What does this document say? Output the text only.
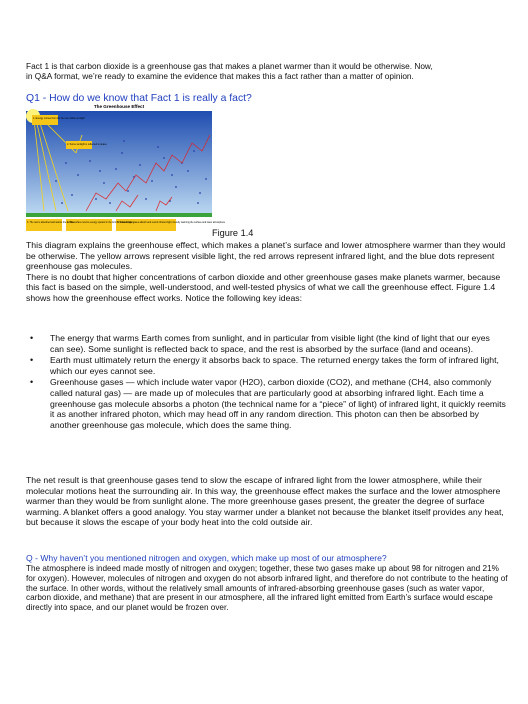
Fact 1 is that carbon dioxide is a greenhouse gas that makes a planet warmer than it would be otherwise. Now,
in Q&A format, we’re ready to examine the evidence that makes this a fact rather than a matter of opinion.
Q1 - How do we know that Fact 1 is really a fact?
The Greenhouse Effect
1. Energy comes from the Sun as visible sunlight
2. Some sunlight is reflected to space
3. The rest is absorbed and warms the surface
4. The surface returns energy upward in the form of infrared light
5. Greenhouse gases absorb and reemit infrared light, thereby warming the surface and lower atmosphere
Figure 1.4

This diagram explains the greenhouse effect, which makes a planet’s surface and lower atmosphere warmer than they would be otherwise. The yellow arrows represent visible light, the red arrows represent infrared light, and the blue dots represent greenhouse gas molecules.

There is no doubt that higher concentrations of carbon dioxide and other greenhouse gases make planets warmer, because this fact is based on the simple, well-understood, and well-tested physics of what we call the greenhouse effect. Figure 1.4 shows how the greenhouse effect works. Notice the following key ideas:

• The energy that warms Earth comes from sunlight, and in particular from visible light (the kind of light that our eyes can see). Some sunlight is reflected back to space, and the rest is absorbed by the surface (land and oceans).
• Earth must ultimately return the energy it absorbs back to space. The returned energy takes the form of infrared light, which our eyes cannot see.
• Greenhouse gases — which include water vapor (H2O), carbon dioxide (CO2), and methane (CH4, also commonly called natural gas) — are made up of molecules that are particularly good at absorbing infrared light. Each time a greenhouse gas molecule absorbs a photon (the technical name for a “piece” of light) of infrared light, it quickly reemits it as another infrared photon, which may head off in any random direction. This photon can then be absorbed by another greenhouse gas molecule, which does the same thing.
The net result is that greenhouse gases tend to slow the escape of infrared light from the lower atmosphere, while their molecular motions heat the surrounding air. In this way, the greenhouse effect makes the surface and the lower atmosphere warmer than they would be from sunlight alone. The more greenhouse gases present, the greater the degree of surface warming. A blanket offers a good analogy. You stay warmer under a blanket not because the blanket itself provides any heat, but because it slows the escape of your body heat into the cold outside air.
Q - Why haven’t you mentioned nitrogen and oxygen, which make up most of our atmosphere?
The atmosphere is indeed made mostly of nitrogen and oxygen; together, these two gases make up about 98 for nitrogen and 21% for oxygen). However, molecules of nitrogen and oxygen do not absorb infrared light, and therefore do not contribute to the heating of the surface. In other words, without the relatively small amounts of infrared-absorbing greenhouse gases (such as water vapor, carbon dioxide, and methane) that are present in our atmosphere, all the infrared light emitted from Earth’s surface would escape directly into space, and our planet would be frozen over.
